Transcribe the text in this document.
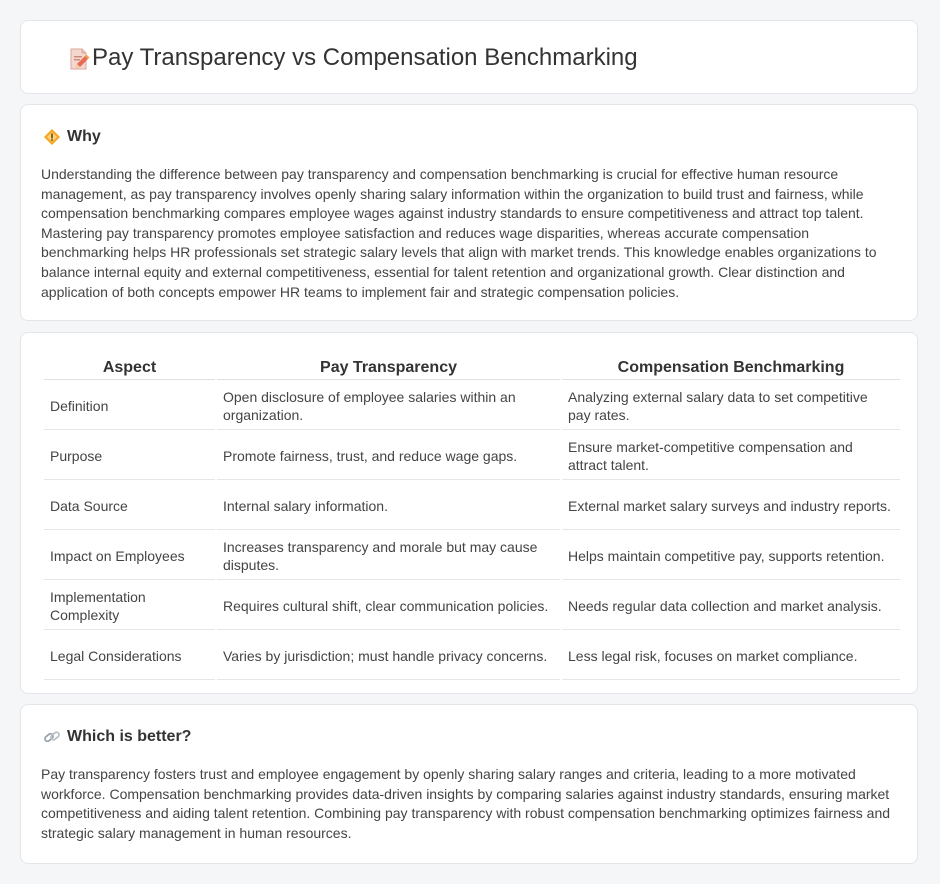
Pay Transparency vs Compensation Benchmarking
Why

Understanding the difference between pay transparency and compensation benchmarking is crucial for effective human resource management, as pay transparency involves openly sharing salary information within the organization to build trust and fairness, while compensation benchmarking compares employee wages against industry standards to ensure competitiveness and attract top talent. Mastering pay transparency promotes employee satisfaction and reduces wage disparities, whereas accurate compensation benchmarking helps HR professionals set strategic salary levels that align with market trends. This knowledge enables organizations to balance internal equity and external competitiveness, essential for talent retention and organizational growth. Clear distinction and application of both concepts empower HR teams to implement fair and strategic compensation policies.

Aspect	Pay Transparency	Compensation Benchmarking
Definition	Open disclosure of employee salaries within an organization.	Analyzing external salary data to set competitive pay rates.
Purpose	Promote fairness, trust, and reduce wage gaps.	Ensure market-competitive compensation and attract talent.
Data Source	Internal salary information.	External market salary surveys and industry reports.
Impact on Employees	Increases transparency and morale but may cause disputes.	Helps maintain competitive pay, supports retention.
Implementation Complexity	Requires cultural shift, clear communication policies.	Needs regular data collection and market analysis.
Legal Considerations	Varies by jurisdiction; must handle privacy concerns.	Less legal risk, focuses on market compliance.
Which is better?

Pay transparency fosters trust and employee engagement by openly sharing salary ranges and criteria, leading to a more motivated workforce. Compensation benchmarking provides data-driven insights by comparing salaries against industry standards, ensuring market competitiveness and aiding talent retention. Combining pay transparency with robust compensation benchmarking optimizes fairness and strategic salary management in human resources.
